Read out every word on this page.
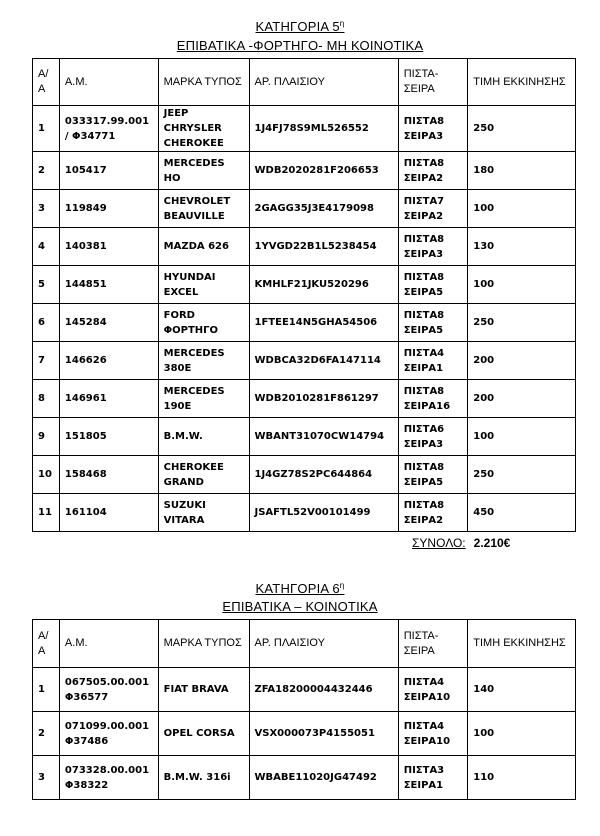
ΚΑΤΗΓΟΡΙΑ $5^\eta$
ΕΠΙΒΑΤΙΚΑ -ΦΟΡΤΗΓΟ- ΜΗ ΚΟΙΝΟΤΙΚΑ
Α/Α	Α.Μ.	ΜΑΡΚΑ ΤΥΠΟΣ	ΑΡ. ΠΛΑΙΣΙΟΥ	ΠΙΣΤΑ-ΣΕΙΡΑ	ΤΙΜΗ ΕΚΚΙΝΗΣΗΣ
1	033317.99.001/ Φ34771	JEEP CHRYSLER CHEROKEE	1J4FJ78S9ML526552	ΠΙΣΤΑ8 ΣΕΙΡΑ3	250
2	105417	MERCEDES HO	WDB2020281F206653	ΠΙΣΤΑ8 ΣΕΙΡΑ2	180
3	119849	CHEVROLET BEAUVILLE	2GAGG35J3E4179098	ΠΙΣΤΑ7 ΣΕΙΡΑ2	100
4	140381	MAZDA 626	1YVGD22B1L5238454	ΠΙΣΤΑ8 ΣΕΙΡΑ3	130
5	144851	HYUNDAI EXCEL	KMHLF21JKU520296	ΠΙΣΤΑ8 ΣΕΙΡΑ5	100
6	145284	FORD ΦΟΡΤΗΓΟ	1FTEE14N5GHA54506	ΠΙΣΤΑ8 ΣΕΙΡΑ5	250
7	146626	MERCEDES 380E	WDBCA32D6FA147114	ΠΙΣΤΑ4 ΣΕΙΡΑ1	200
8	146961	MERCEDES 190E	WDB2010281F861297	ΠΙΣΤΑ8 ΣΕΙΡΑ16	200
9	151805	B.M.W.	WBANT31070CW14794	ΠΙΣΤΑ6 ΣΕΙΡΑ3	100
10	158468	CHEROKEE GRAND	1J4GZ78S2PC644864	ΠΙΣΤΑ8 ΣΕΙΡΑ5	250
11	161104	SUZUKI VITARA	JSAFTL52V00101499	ΠΙΣΤΑ8 ΣΕΙΡΑ2	450
ΣΥΝΟΛΟ: 2.210€
ΚΑΤΗΓΟΡΙΑ $6^\eta$
ΕΠΙΒΑΤΙΚΑ – ΚΟΙΝΟΤΙΚΑ
Α/Α	Α.Μ.	ΜΑΡΚΑ ΤΥΠΟΣ	ΑΡ. ΠΛΑΙΣΙΟΥ	ΠΙΣΤΑ-ΣΕΙΡΑ	ΤΙΜΗ ΕΚΚΙΝΗΣΗΣ
1	067505.00.001 Φ36577	FIAT BRAVA	ZFA18200004432446	ΠΙΣΤΑ4 ΣΕΙΡΑ10	140
2	071099.00.001 Φ37486	OPEL CORSA	VSX000073P4155051	ΠΙΣΤΑ4 ΣΕΙΡΑ10	100
3	073328.00.001 Φ38322	B.M.W. 316i	WBABE11020JG47492	ΠΙΣΤΑ3 ΣΕΙΡΑ1	110
